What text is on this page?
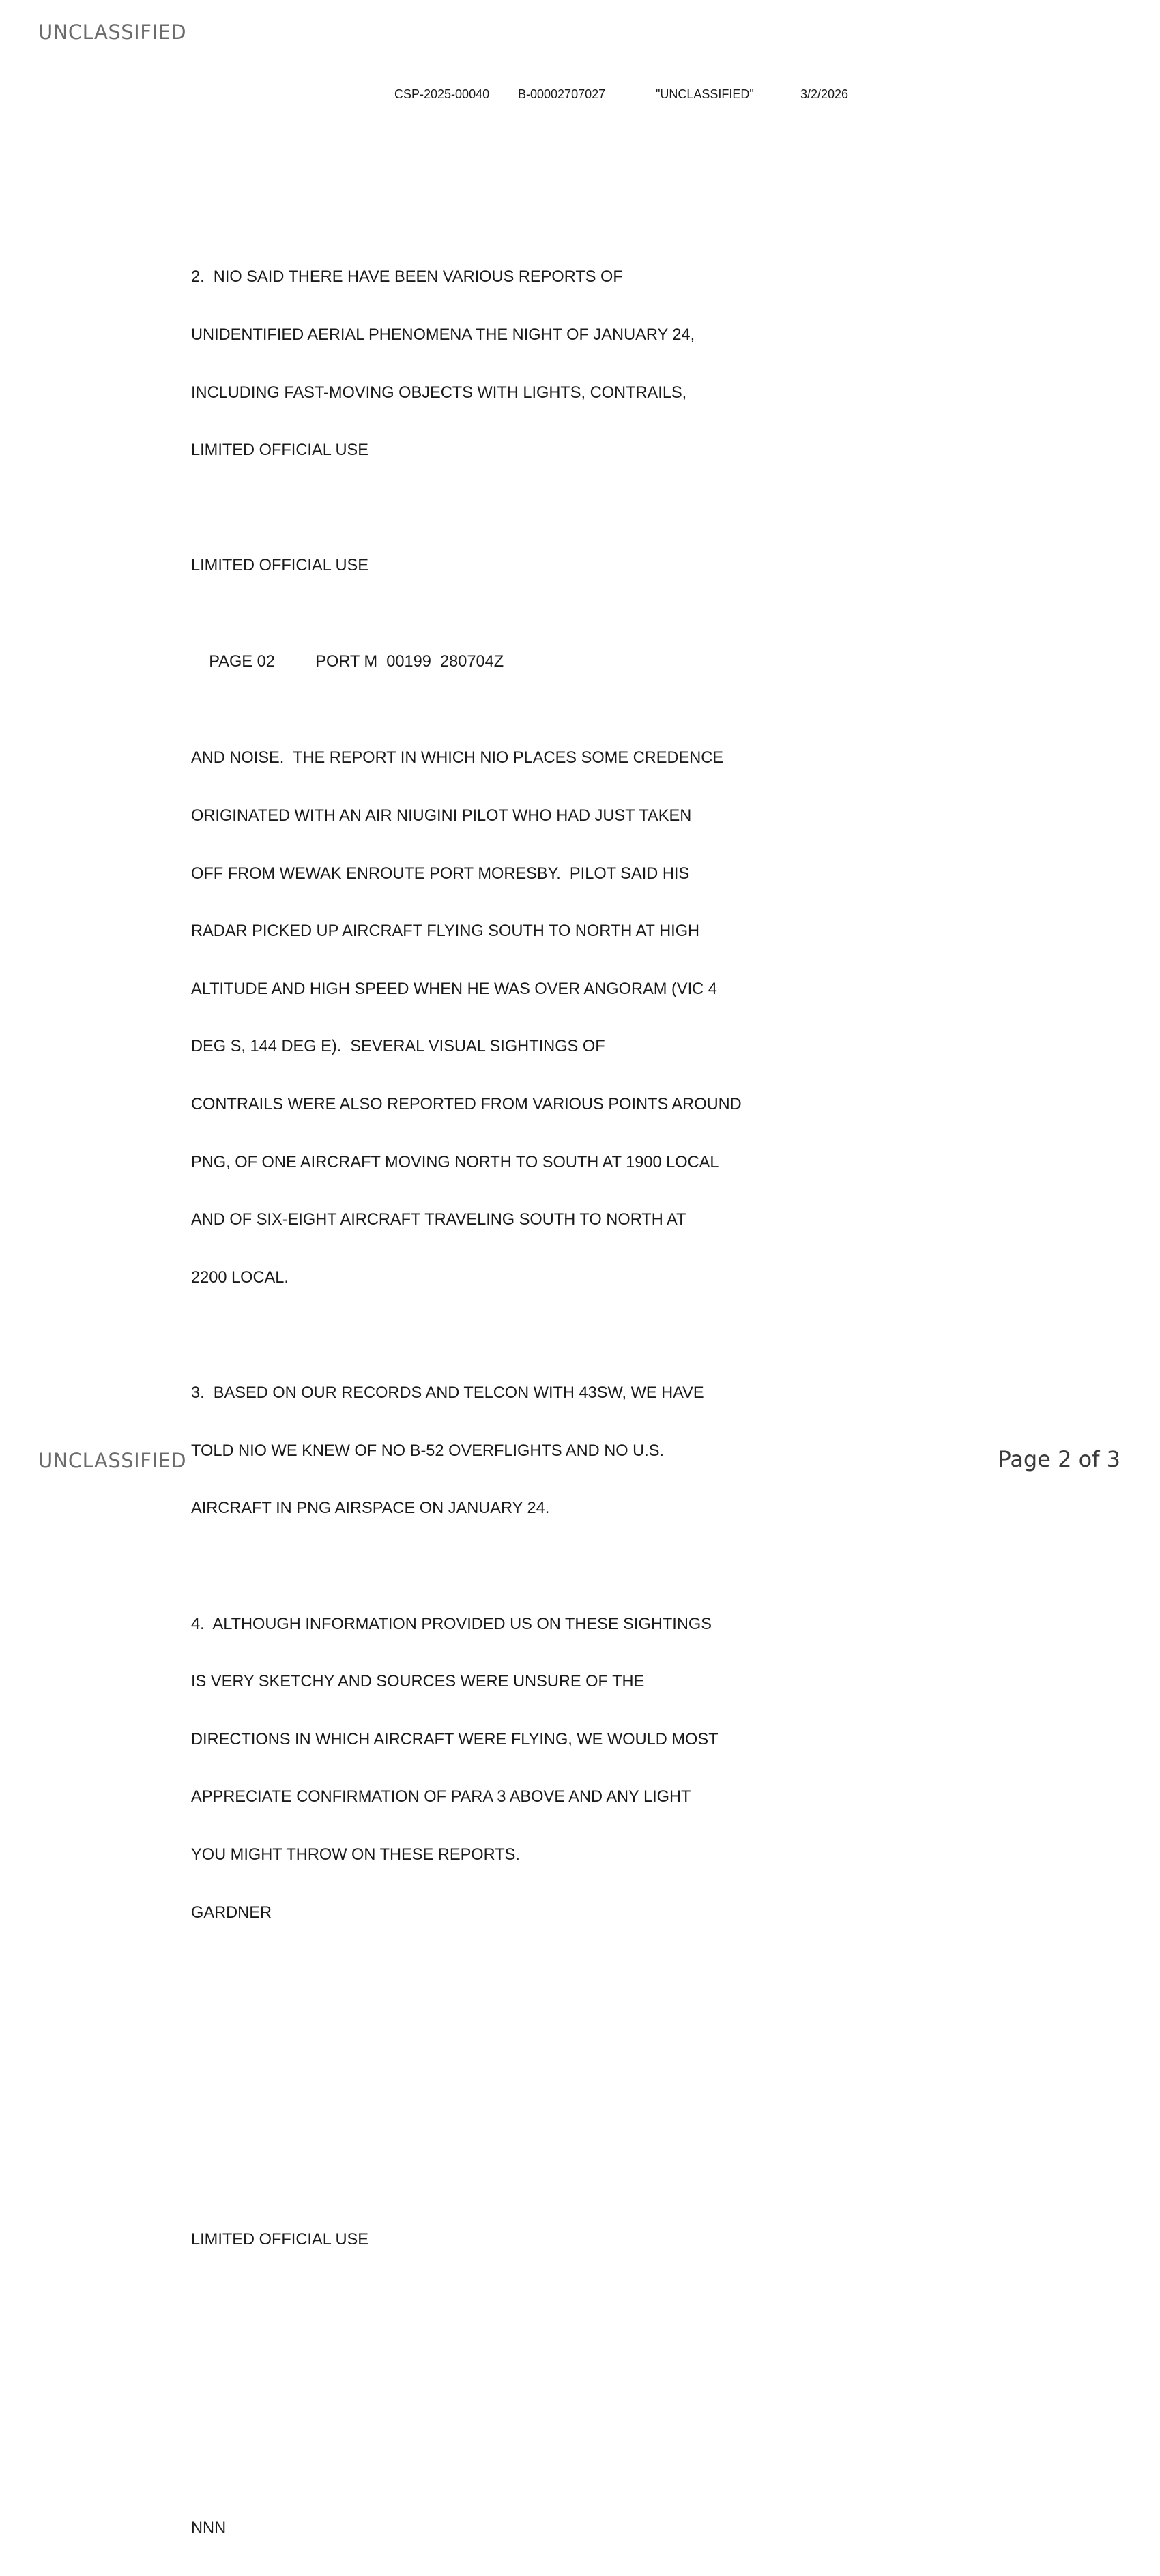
UNCLASSIFIED
CSP-2025-00040 B-00002707027	"UNCLASSIFIED"	3/2/2026

2.  NIO SAID THERE HAVE BEEN VARIOUS REPORTS OF

UNIDENTIFIED AERIAL PHENOMENA THE NIGHT OF JANUARY 24,

INCLUDING FAST-MOVING OBJECTS WITH LIGHTS, CONTRAILS,

LIMITED OFFICIAL USE

LIMITED OFFICIAL USE

PAGE 02	PORT M  00199  280704Z

AND NOISE.  THE REPORT IN WHICH NIO PLACES SOME CREDENCE

ORIGINATED WITH AN AIR NIUGINI PILOT WHO HAD JUST TAKEN

OFF FROM WEWAK ENROUTE PORT MORESBY.  PILOT SAID HIS

RADAR PICKED UP AIRCRAFT FLYING SOUTH TO NORTH AT HIGH

ALTITUDE AND HIGH SPEED WHEN HE WAS OVER ANGORAM (VIC 4

DEG S, 144 DEG E).  SEVERAL VISUAL SIGHTINGS OF

CONTRAILS WERE ALSO REPORTED FROM VARIOUS POINTS AROUND

PNG, OF ONE AIRCRAFT MOVING NORTH TO SOUTH AT 1900 LOCAL

AND OF SIX-EIGHT AIRCRAFT TRAVELING SOUTH TO NORTH AT

2200 LOCAL.

3.  BASED ON OUR RECORDS AND TELCON WITH 43SW, WE HAVE

TOLD NIO WE KNEW OF NO B-52 OVERFLIGHTS AND NO U.S.

AIRCRAFT IN PNG AIRSPACE ON JANUARY 24.

4.  ALTHOUGH INFORMATION PROVIDED US ON THESE SIGHTINGS

IS VERY SKETCHY AND SOURCES WERE UNSURE OF THE

DIRECTIONS IN WHICH AIRCRAFT WERE FLYING, WE WOULD MOST

APPRECIATE CONFIRMATION OF PARA 3 ABOVE AND ANY LIGHT

YOU MIGHT THROW ON THESE REPORTS.

GARDNER

LIMITED OFFICIAL USE

NNN

UNCLASSIFIED	Page 2 of 3
